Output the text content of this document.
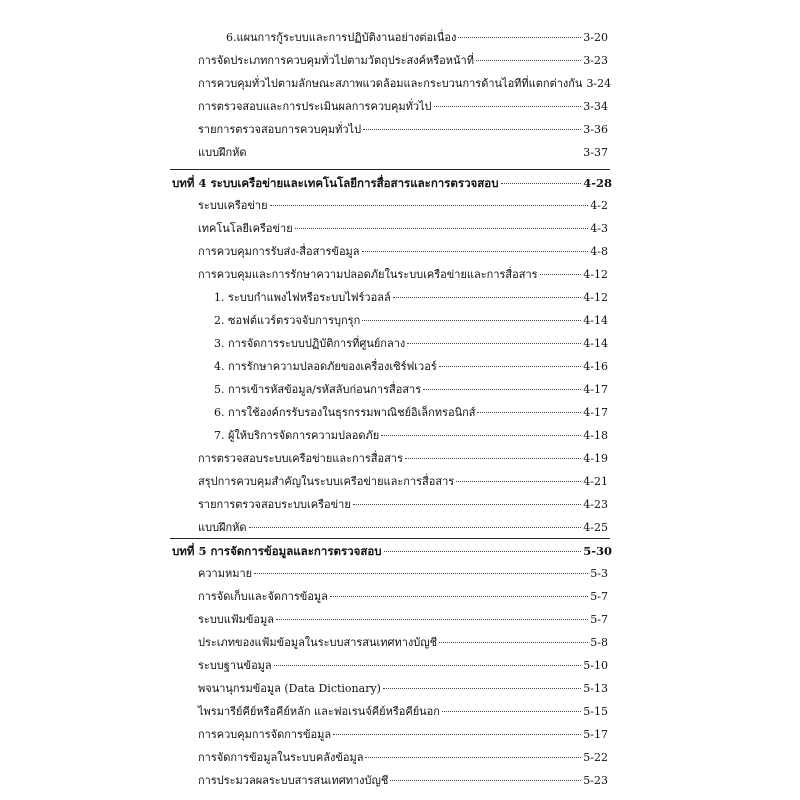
6.แผนการกู้ระบบและการปฏิบัติงานอย่างต่อเนื่อง	3-20
การจัดประเภทการควบคุมทั่วไปตามวัตถุประสงค์หรือหน้าที่	3-23
การควบคุมทั่วไปตามลักษณะสภาพแวดล้อมและกระบวนการด้านไอทีที่แตกต่างกัน 3-24
การตรวจสอบและการประเมินผลการควบคุมทั่วไป	3-34
รายการตรวจสอบการควบคุมทั่วไป	3-36
แบบฝึกหัด	3-37
บทที่ 4 ระบบเครือข่ายและเทคโนโลยีการสื่อสารและการตรวจสอบ	4-28
ระบบเครือข่าย	4-2
เทคโนโลยีเครือข่าย	4-3
การควบคุมการรับส่ง-สื่อสารข้อมูล	4-8
การควบคุมและการรักษาความปลอดภัยในระบบเครือข่ายและการสื่อสาร	4-12
1. ระบบกำแพงไฟหรือระบบไฟร์วอลล์	4-12
2. ซอฟต์แวร์ตรวจจับการบุกรุก	4-14
3. การจัดการระบบปฏิบัติการที่ศูนย์กลาง	4-14
4. การรักษาความปลอดภัยของเครื่องเซิร์ฟเวอร์	4-16
5. การเข้ารหัสข้อมูล/รหัสลับก่อนการสื่อสาร	4-17
6. การใช้องค์กรรับรองในธุรกรรมพาณิชย์อิเล็กทรอนิกส์	4-17
7. ผู้ให้บริการจัดการความปลอดภัย	4-18
การตรวจสอบระบบเครือข่ายและการสื่อสาร	4-19
สรุปการควบคุมสำคัญในระบบเครือข่ายและการสื่อสาร	4-21
รายการตรวจสอบระบบเครือข่าย	4-23
แบบฝึกหัด	4-25
บทที่ 5 การจัดการข้อมูลและการตรวจสอบ	5-30
ความหมาย	5-3
การจัดเก็บและจัดการข้อมูล	5-7
ระบบแฟ้มข้อมูล	5-7
ประเภทของแฟ้มข้อมูลในระบบสารสนเทศทางบัญชี	5-8
ระบบฐานข้อมูล	5-10
พจนานุกรมข้อมูล (Data Dictionary)	5-13
ไพรมารีย์คีย์หรือคีย์หลัก และฟอเรนจ์คีย์หรือคีย์นอก	5-15
การควบคุมการจัดการข้อมูล	5-17
การจัดการข้อมูลในระบบคลังข้อมูล	5-22
การประมวลผลระบบสารสนเทศทางบัญชี	5-23
